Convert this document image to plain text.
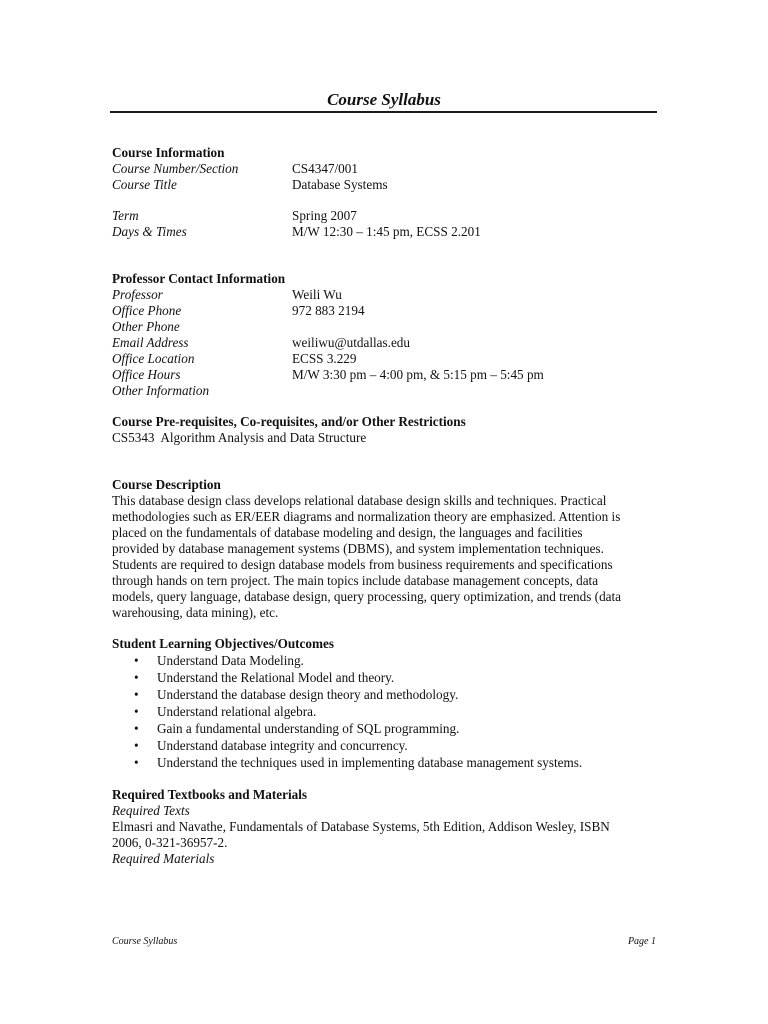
Course Syllabus

Course Information

Course Number/Section	CS4347/001
Course Title	Database Systems

Term	Spring 2007
Days & Times	M/W 12:30 – 1:45 pm, ECSS 2.201

Professor Contact Information

Professor	Weili Wu
Office Phone	972 883 2194
Other Phone	
Email Address	weiliwu@utdallas.edu
Office Location	ECSS 3.229
Office Hours	M/W 3:30 pm – 4:00 pm, & 5:15 pm – 5:45 pm
Other Information	

Course Pre-requisites, Co-requisites, and/or Other Restrictions

CS5343  Algorithm Analysis and Data Structure

Course Description

This database design class develops relational database design skills and techniques. Practical

methodologies such as ER/EER diagrams and normalization theory are emphasized. Attention is

placed on the fundamentals of database modeling and design, the languages and facilities

provided by database management systems (DBMS), and system implementation techniques.

Students are required to design database models from business requirements and specifications

through hands on tern project. The main topics include database management concepts, data

models, query language, database design, query processing, query optimization, and trends (data

warehousing, data mining), etc.

Student Learning Objectives/Outcomes

• Understand Data Modeling.
• Understand the Relational Model and theory.
• Understand the database design theory and methodology.
• Understand relational algebra.
• Gain a fundamental understanding of SQL programming.
• Understand database integrity and concurrency.
• Understand the techniques used in implementing database management systems.

Required Textbooks and Materials

Required Texts

Elmasri and Navathe, Fundamentals of Database Systems, 5th Edition, Addison Wesley, ISBN

2006, 0-321-36957-2.

Required Materials

Course Syllabus	Page 1
